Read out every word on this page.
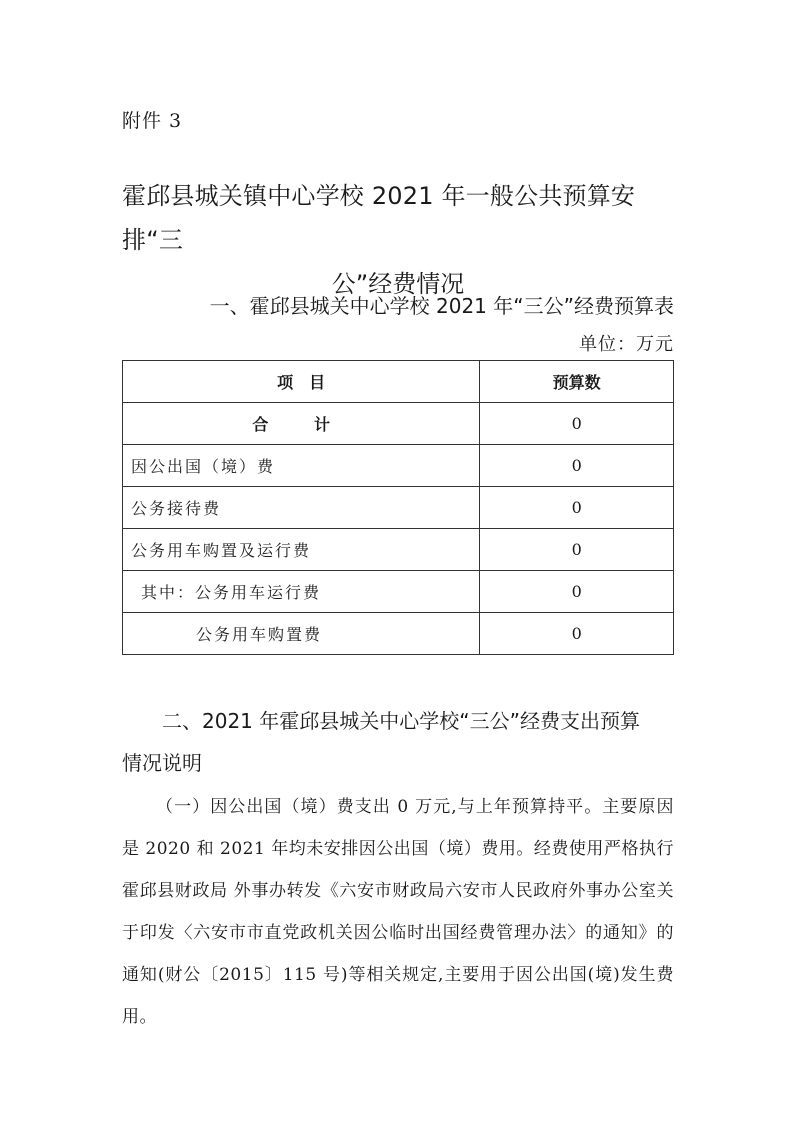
附件 3
霍邱县城关镇中心学校 2021 年一般公共预算安排“三
公”经费情况
一、霍邱县城关中心学校 2021 年“三公”经费预算表
单位：万元
项　目	预算数
合 计	0
因公出国（境）费	0
公务接待费	0
公务用车购置及运行费	0
其中：公务用车运行费	0
公务用车购置费	0
二、2021 年霍邱县城关中心学校“三公”经费支出预算
情况说明
（一）因公出国（境）费支出 0 万元,与上年预算持平。主要原因是 2020 和 2021 年均未安排因公出国（境）费用。经费使用严格执行霍邱县财政局 外事办转发《六安市财政局六安市人民政府外事办公室关于印发〈六安市市直党政机关因公临时出国经费管理办法〉的通知》的通知(财公〔2015〕115 号)等相关规定,主要用于因公出国(境)发生费用。
